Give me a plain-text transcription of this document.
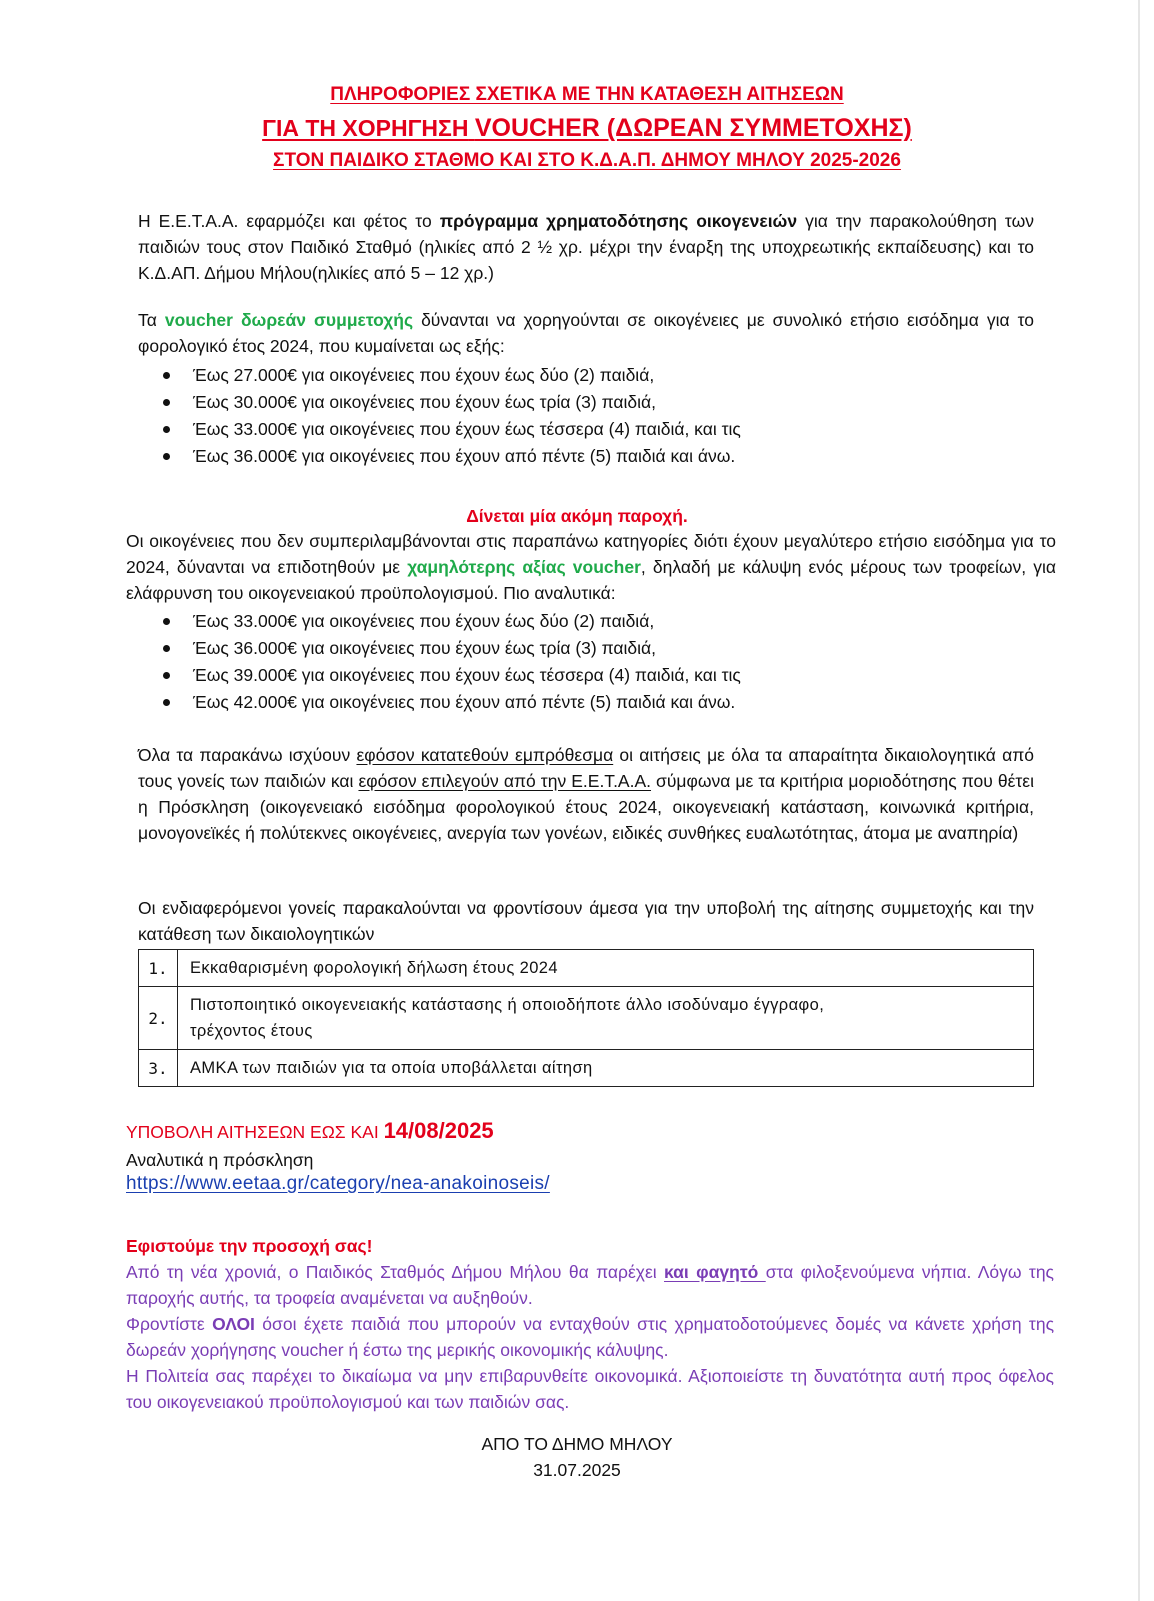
ΠΛΗΡΟΦΟΡΙΕΣ ΣΧΕΤΙΚΑ ΜΕ ΤΗΝ ΚΑΤΑΘΕΣΗ ΑΙΤΗΣΕΩΝ
ΓΙΑ ΤΗ ΧΟΡΗΓΗΣΗ VOUCHER (ΔΩΡΕΑΝ ΣΥΜΜΕΤΟΧΗΣ)
ΣΤΟΝ ΠΑΙΔΙΚΟ ΣΤΑΘΜΟ ΚΑΙ ΣΤΟ Κ.Δ.Α.Π. ΔΗΜΟΥ ΜΗΛΟΥ 2025-2026
Η Ε.Ε.Τ.Α.Α. εφαρμόζει και φέτος το πρόγραμμα χρηματοδότησης οικογενειών για την παρακολούθηση των παιδιών τους στον Παιδικό Σταθμό (ηλικίες από 2 ½ χρ. μέχρι την έναρξη της υποχρεωτικής εκπαίδευσης) και το Κ.Δ.ΑΠ. Δήμου Μήλου(ηλικίες από 5 – 12 χρ.)
Τα voucher δωρεάν συμμετοχής δύνανται να χορηγούνται σε οικογένειες με συνολικό ετήσιο εισόδημα για το φορολογικό έτος 2024, που κυμαίνεται ως εξής:
Έως 27.000€ για οικογένειες που έχουν έως δύο (2) παιδιά,
Έως 30.000€ για οικογένειες που έχουν έως τρία (3) παιδιά,
Έως 33.000€ για οικογένειες που έχουν έως τέσσερα (4) παιδιά, και τις
Έως 36.000€ για οικογένειες που έχουν από πέντε (5) παιδιά και άνω.
Δίνεται μία ακόμη παροχή.
Οι οικογένειες που δεν συμπεριλαμβάνονται στις παραπάνω κατηγορίες διότι έχουν μεγαλύτερο ετήσιο εισόδημα για το 2024, δύνανται να επιδοτηθούν με χαμηλότερης αξίας voucher, δηλαδή με κάλυψη ενός μέρους των τροφείων, για ελάφρυνση του οικογενειακού προϋπολογισμού. Πιο αναλυτικά:
Έως 33.000€ για οικογένειες που έχουν έως δύο (2) παιδιά,
Έως 36.000€ για οικογένειες που έχουν έως τρία (3) παιδιά,
Έως 39.000€ για οικογένειες που έχουν έως τέσσερα (4) παιδιά, και τις
Έως 42.000€ για οικογένειες που έχουν από πέντε (5) παιδιά και άνω.
Όλα τα παρακάνω ισχύουν εφόσον κατατεθούν εμπρόθεσμα οι αιτήσεις με όλα τα απαραίτητα δικαιολογητικά από τους γονείς των παιδιών και εφόσον επιλεγούν από την Ε.Ε.Τ.Α.Α. σύμφωνα με τα κριτήρια μοριοδότησης που θέτει η Πρόσκληση (οικογενειακό εισόδημα φορολογικού έτους 2024, οικογενειακή κατάσταση, κοινωνικά κριτήρια, μονογονεϊκές ή πολύτεκνες οικογένειες, ανεργία των γονέων, ειδικές συνθήκες ευαλωτότητας, άτομα με αναπηρία)
Οι ενδιαφερόμενοι γονείς παρακαλούνται να φροντίσουν άμεσα για την υποβολή της αίτησης συμμετοχής και την κατάθεση των δικαιολογητικών
1.	Εκκαθαρισμένη φορολογική δήλωση έτους 2024
2.	Πιστοποιητικό οικογενειακής κατάστασης ή οποιοδήποτε άλλο ισοδύναμο έγγραφο, τρέχοντος έτους
3.	ΑΜΚΑ των παιδιών για τα οποία υποβάλλεται αίτηση
ΥΠΟΒΟΛΗ ΑΙΤΗΣΕΩΝ ΕΩΣ ΚΑΙ 14/08/2025
Αναλυτικά η πρόσκληση
https://www.eetaa.gr/category/nea-anakoinoseis/
Εφιστούμε την προσοχή σας!
Από τη νέα χρονιά, ο Παιδικός Σταθμός Δήμου Μήλου θα παρέχει και φαγητό στα φιλοξενούμενα νήπια. Λόγω της παροχής αυτής, τα τροφεία αναμένεται να αυξηθούν.
Φροντίστε ΟΛΟΙ όσοι έχετε παιδιά που μπορούν να ενταχθούν στις χρηματοδοτούμενες δομές να κάνετε χρήση της δωρεάν χορήγησης voucher ή έστω της μερικής οικονομικής κάλυψης.
Η Πολιτεία σας παρέχει το δικαίωμα να μην επιβαρυνθείτε οικονομικά. Αξιοποιείστε τη δυνατότητα αυτή προς όφελος του οικογενειακού προϋπολογισμού και των παιδιών σας.
ΑΠΟ ΤΟ ΔΗΜΟ ΜΗΛΟΥ
31.07.2025
